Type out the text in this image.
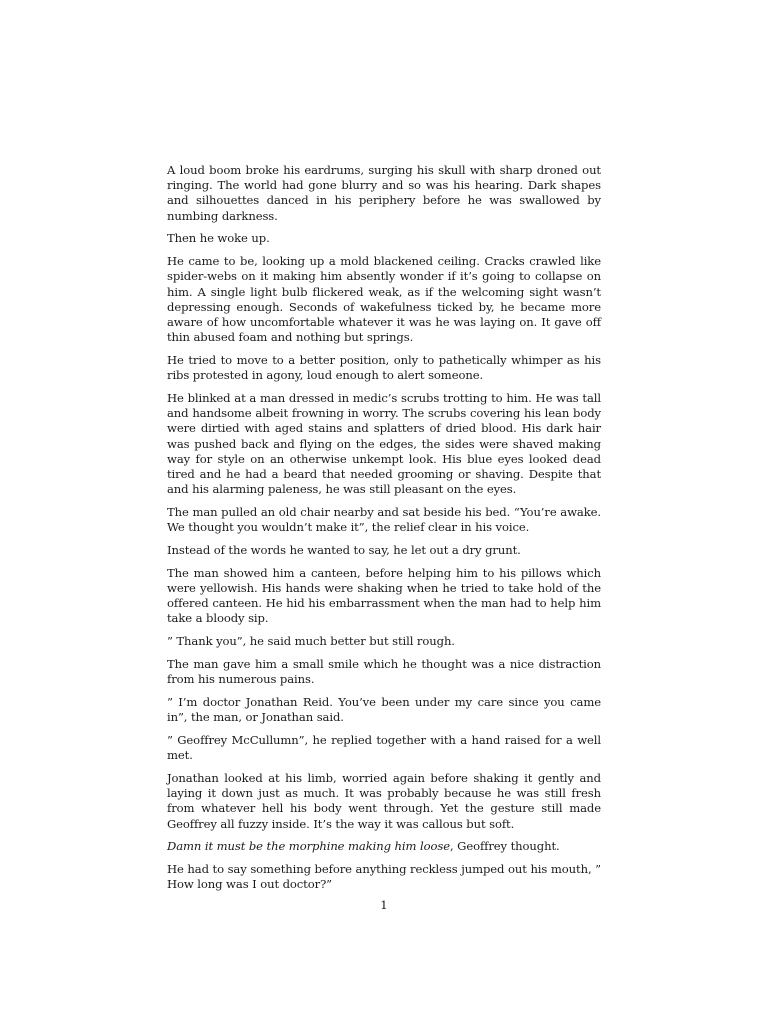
A loud boom broke his eardrums, surging his skull with sharp droned out ringing. The world had gone blurry and so was his hearing. Dark shapes and silhouettes danced in his periphery before he was swallowed by numbing darkness.

Then he woke up.

He came to be, looking up a mold blackened ceiling. Cracks crawled like spider-webs on it making him absently wonder if it’s going to collapse on him. A single light bulb flickered weak, as if the welcoming sight wasn’t depressing enough. Seconds of wakefulness ticked by, he became more aware of how uncomfortable whatever it was he was laying on. It gave off thin abused foam and nothing but springs.

He tried to move to a better position, only to pathetically whimper as his ribs protested in agony, loud enough to alert someone.

He blinked at a man dressed in medic’s scrubs trotting to him. He was tall and handsome albeit frowning in worry. The scrubs covering his lean body were dirtied with aged stains and splatters of dried blood. His dark hair was pushed back and flying on the edges, the sides were shaved making way for style on an otherwise unkempt look. His blue eyes looked dead tired and he had a beard that needed grooming or shaving. Despite that and his alarming paleness, he was still pleasant on the eyes.

The man pulled an old chair nearby and sat beside his bed. “You’re awake. We thought you wouldn’t make it”, the relief clear in his voice.

Instead of the words he wanted to say, he let out a dry grunt.

The man showed him a canteen, before helping him to his pillows which were yellowish. His hands were shaking when he tried to take hold of the offered canteen. He hid his embarrassment when the man had to help him take a bloody sip.

” Thank you”, he said much better but still rough.

The man gave him a small smile which he thought was a nice distraction from his numerous pains.

” I’m doctor Jonathan Reid. You’ve been under my care since you came in”, the man, or Jonathan said.

” Geoffrey McCullumn”, he replied together with a hand raised for a well met.

Jonathan looked at his limb, worried again before shaking it gently and laying it down just as much. It was probably because he was still fresh from whatever hell his body went through. Yet the gesture still made Geoffrey all fuzzy inside. It’s the way it was callous but soft.

Damn it must be the morphine making him loose, Geoffrey thought.

He had to say something before anything reckless jumped out his mouth, ” How long was I out doctor?”

1
